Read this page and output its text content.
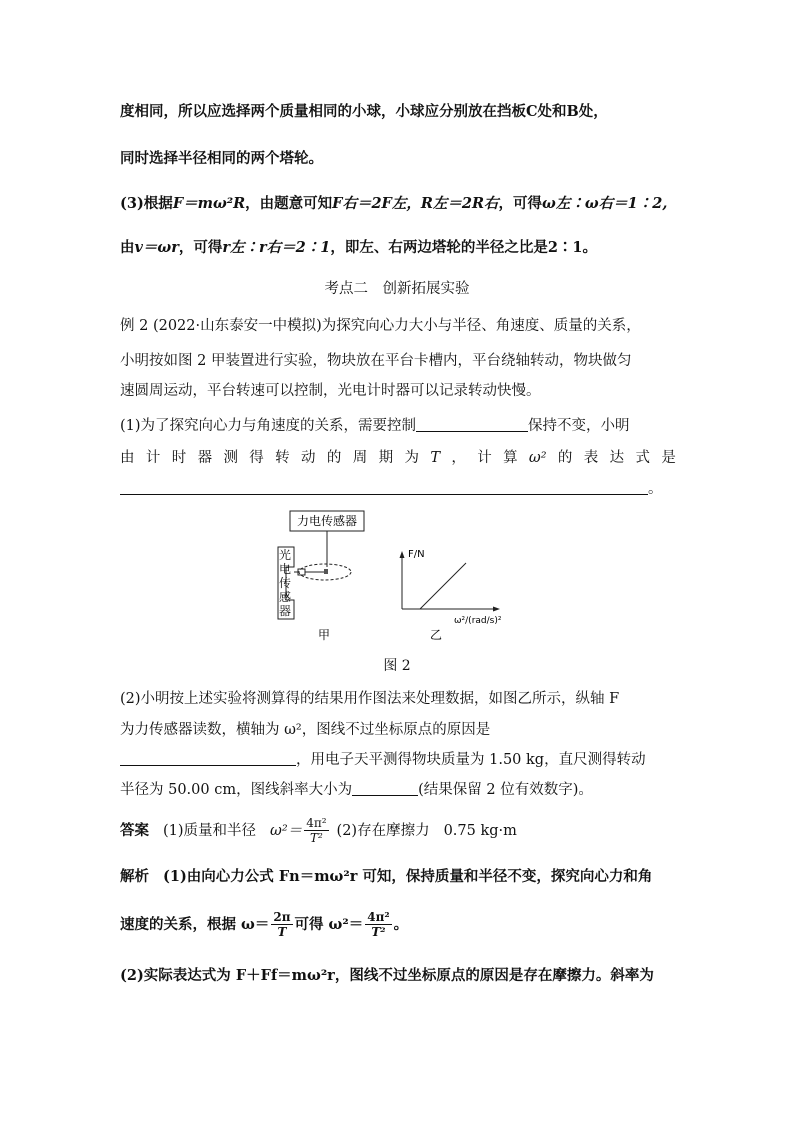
度相同，所以应选择两个质量相同的小球，小球应分别放在挡板C处和B处，
同时选择半径相同的两个塔轮。
(3)根据F＝mω²R，由题意可知F右＝2F左，R左＝2R右，可得ω左∶ω右＝1∶2,
由v＝ωr，可得r左∶r右＝2∶1，即左、右两边塔轮的半径之比是2∶1。
考点二　创新拓展实验
例 2 (2022·山东泰安一中模拟)为探究向心力大小与半径、角速度、质量的关系，
小明按如图 2 甲装置进行实验，物块放在平台卡槽内，平台绕轴转动，物块做匀
速圆周运动，平台转速可以控制，光电计时器可以记录转动快慢。
(1)为了探究向心力与角速度的关系，需要控制	保持不变，小明
由 计 时 器 测 得 转 动 的 周 期 为 T ， 计 算 ω² 的 表 达 式 是
。
力电传感器
甲
F/N
ω²/(rad/s)²
乙
光
电
传
感
器
图 2
(2)小明按上述实验将测算得的结果用作图法来处理数据，如图乙所示，纵轴 F
为力传感器读数，横轴为 ω²，图线不过坐标原点的原因是
，用电子天平测得物块质量为 1.50 kg，直尺测得转动
半径为 50.00 cm，图线斜率大小为	(结果保留 2 位有效数字)。
答案 (1)质量和半径 $\omega^2= \frac{\text{4π²}}{\text{T²}} (2)$存在摩擦力 0.75 kg·m
解析 (1)由向心力公式 Fn＝mω²r 可知，保持质量和半径不变，探究向心力和角
速度的关系，根据 $\omega= \frac{2\pi}{T}$ 可得 $\omega^2= \frac{\text{4π²}}{\text{T²}}$ 。
(2)实际表达式为 F＋Ff＝mω²r，图线不过坐标原点的原因是存在摩擦力。斜率为
